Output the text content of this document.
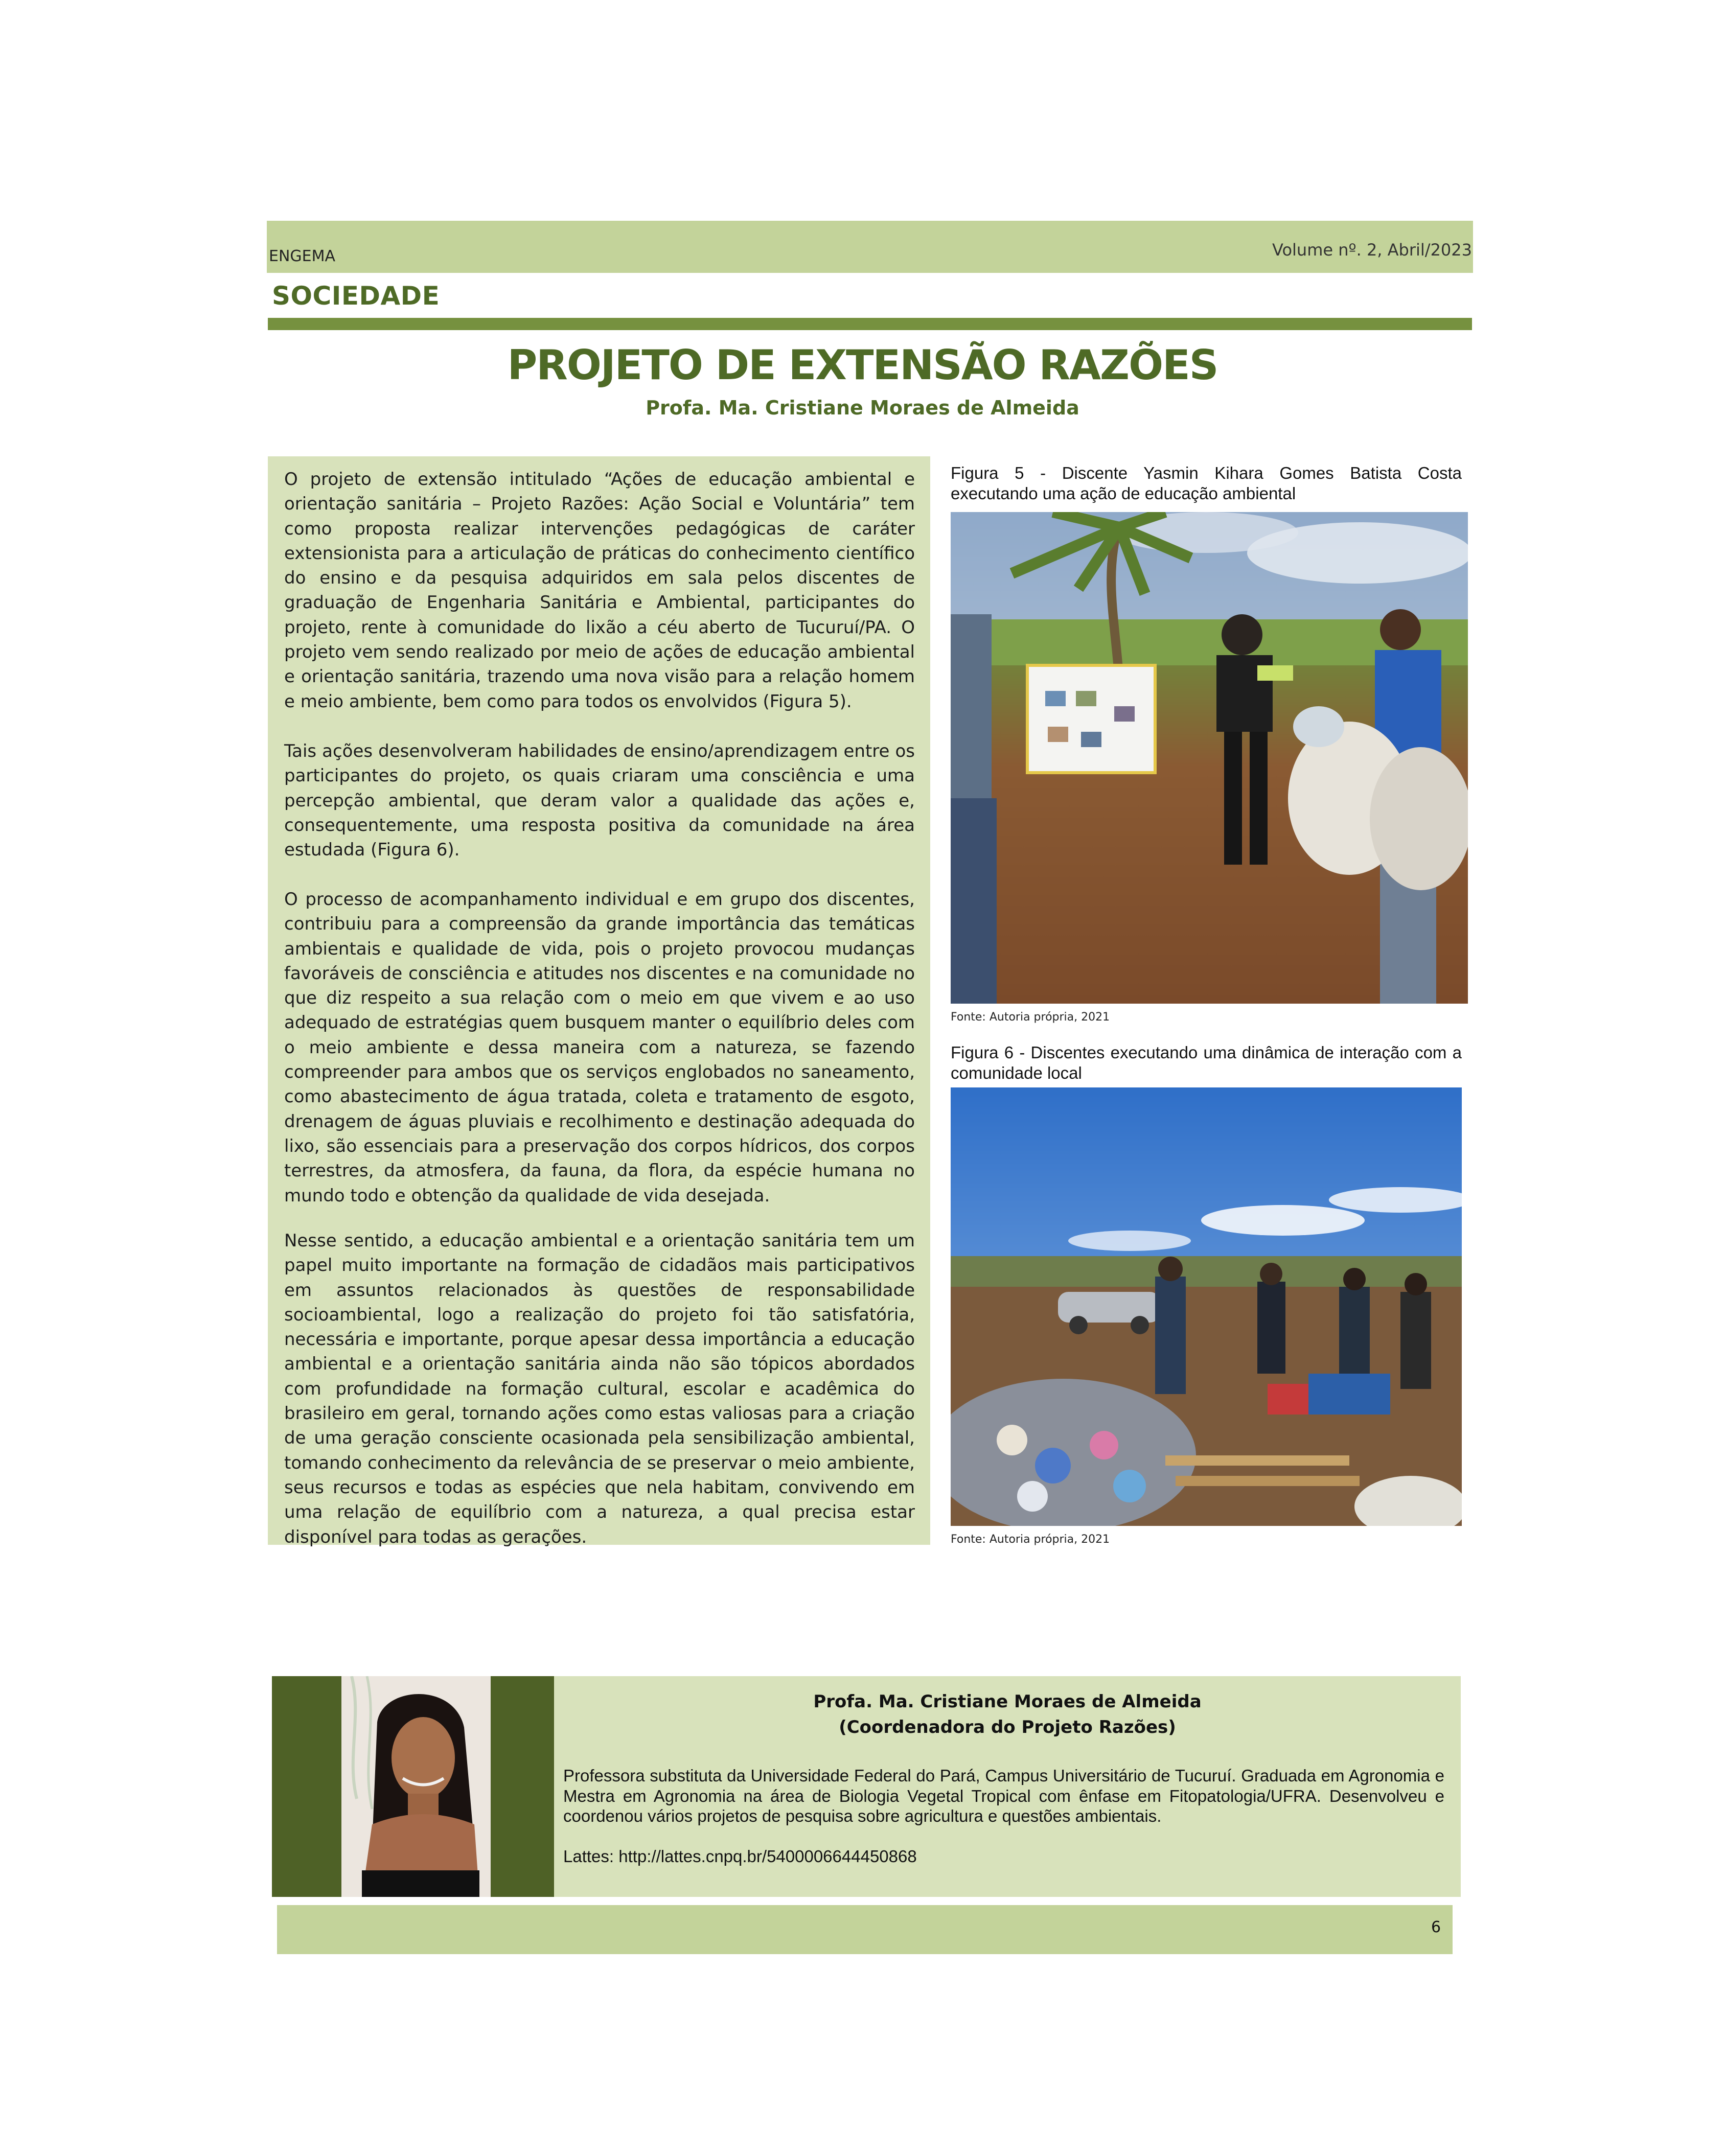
ENGEMA	Volume nº. 2, Abril/2023
SOCIEDADE
PROJETO DE EXTENSÃO RAZÕES
Profa. Ma. Cristiane Moraes de Almeida

O projeto de extensão intitulado “Ações de educação ambiental e orientação sanitária – Projeto Razões: Ação Social e Voluntária” tem como proposta realizar intervenções pedagógicas de caráter extensionista para a articulação de práticas do conhecimento científico do ensino e da pesquisa adquiridos em sala pelos discentes de graduação de Engenharia Sanitária e Ambiental, participantes do projeto, rente à comunidade do lixão a céu aberto de Tucuruí/PA. O projeto vem sendo realizado por meio de ações de educação ambiental e orientação sanitária, trazendo uma nova visão para a relação homem e meio ambiente, bem como para todos os envolvidos (Figura 5).

Tais ações desenvolveram habilidades de ensino/aprendizagem entre os participantes do projeto, os quais criaram uma consciência e uma percepção ambiental, que deram valor a qualidade das ações e, consequentemente, uma resposta positiva da comunidade na área estudada (Figura 6).

O processo de acompanhamento individual e em grupo dos discentes, contribuiu para a compreensão da grande importância das temáticas ambientais e qualidade de vida, pois o projeto provocou mudanças favoráveis de consciência e atitudes nos discentes e na comunidade no que diz respeito a sua relação com o meio em que vivem e ao uso adequado de estratégias quem busquem manter o equilíbrio deles com o meio ambiente e dessa maneira com a natureza, se fazendo compreender para ambos que os serviços englobados no saneamento, como abastecimento de água tratada, coleta e tratamento de esgoto, drenagem de águas pluviais e recolhimento e destinação adequada do lixo, são essenciais para a preservação dos corpos hídricos, dos corpos terrestres, da atmosfera, da fauna, da flora, da espécie humana no mundo todo e obtenção da qualidade de vida desejada.

Nesse sentido, a educação ambiental e a orientação sanitária tem um papel muito importante na formação de cidadãos mais participativos em assuntos relacionados às questões de responsabilidade socioambiental, logo a realização do projeto foi tão satisfatória, necessária e importante, porque apesar dessa importância a educação ambiental e a orientação sanitária ainda não são tópicos abordados com profundidade na formação cultural, escolar e acadêmica do brasileiro em geral, tornando ações como estas valiosas para a criação de uma geração consciente ocasionada pela sensibilização ambiental, tomando conhecimento da relevância de se preservar o meio ambiente, seus recursos e todas as espécies que nela habitam, convivendo em uma relação de equilíbrio com a natureza, a qual precisa estar disponível para todas as gerações.

Figura 5 - Discente Yasmin Kihara Gomes Batista Costa executando uma ação de educação ambiental
Fonte: Autoria própria, 2021
Figura 6 - Discentes executando uma dinâmica de interação com a comunidade local
Fonte: Autoria própria, 2021
Profa. Ma. Cristiane Moraes de Almeida
(Coordenadora do Projeto Razões)
Professora substituta da Universidade Federal do Pará, Campus Universitário de Tucuruí. Graduada em Agronomia e Mestra em Agronomia na área de Biologia Vegetal Tropical com ênfase em Fitopatologia/UFRA. Desenvolveu e coordenou vários projetos de pesquisa sobre agricultura e questões ambientais.
Lattes: http://lattes.cnpq.br/5400006644450868
6
